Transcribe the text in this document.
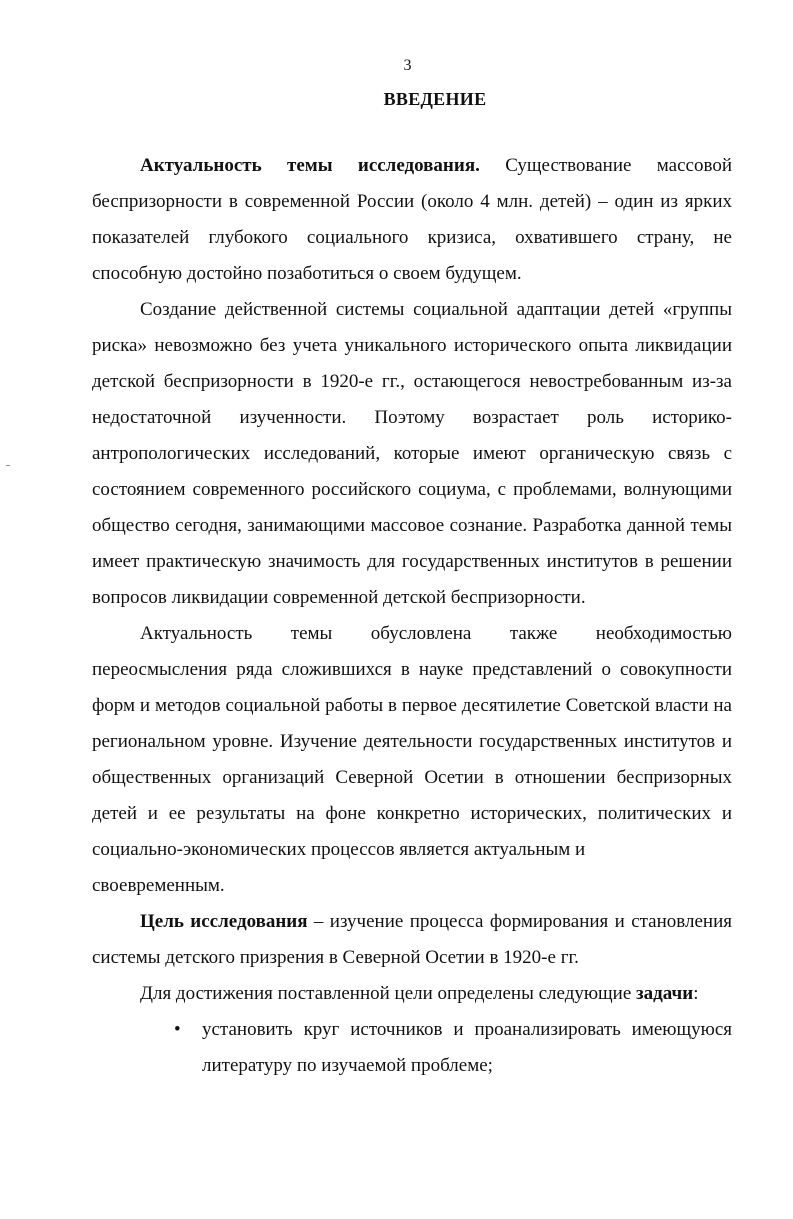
3
ВВЕДЕНИЕ

Актуальность темы исследования. Существование массовой беспризорности в современной России (около 4 млн. детей) – один из ярких показателей глубокого социального кризиса, охватившего страну, не способную достойно позаботиться о своем будущем.

Создание действенной системы социальной адаптации детей «группы риска» невозможно без учета уникального исторического опыта ликвидации детской беспризорности в 1920-е гг., остающегося невостребованным из-за недостаточной изученности. Поэтому возрастает роль историко-антропологических исследований, которые имеют органическую связь с состоянием современного российского социума, с проблемами, волнующими общество сегодня, занимающими массовое сознание. Разработка данной темы имеет практическую значимость для государственных институтов в решении вопросов ликвидации современной детской беспризорности.

Актуальность темы обусловлена также необходимостью переосмысления ряда сложившихся в науке представлений о совокупности форм и методов социальной работы в первое десятилетие Советской власти на региональном уровне. Изучение деятельности государственных институтов и общественных организаций Северной Осетии в отношении беспризорных детей и ее результаты на фоне конкретно исторических, политических и социально-экономических процессов является актуальным и

своевременным.

Цель исследования – изучение процесса формирования и становления системы детского призрения в Северной Осетии в 1920-е гг.

Для достижения поставленной цели определены следующие задачи:

• установить круг источников и проанализировать имеющуюся литературу по изучаемой проблеме;
